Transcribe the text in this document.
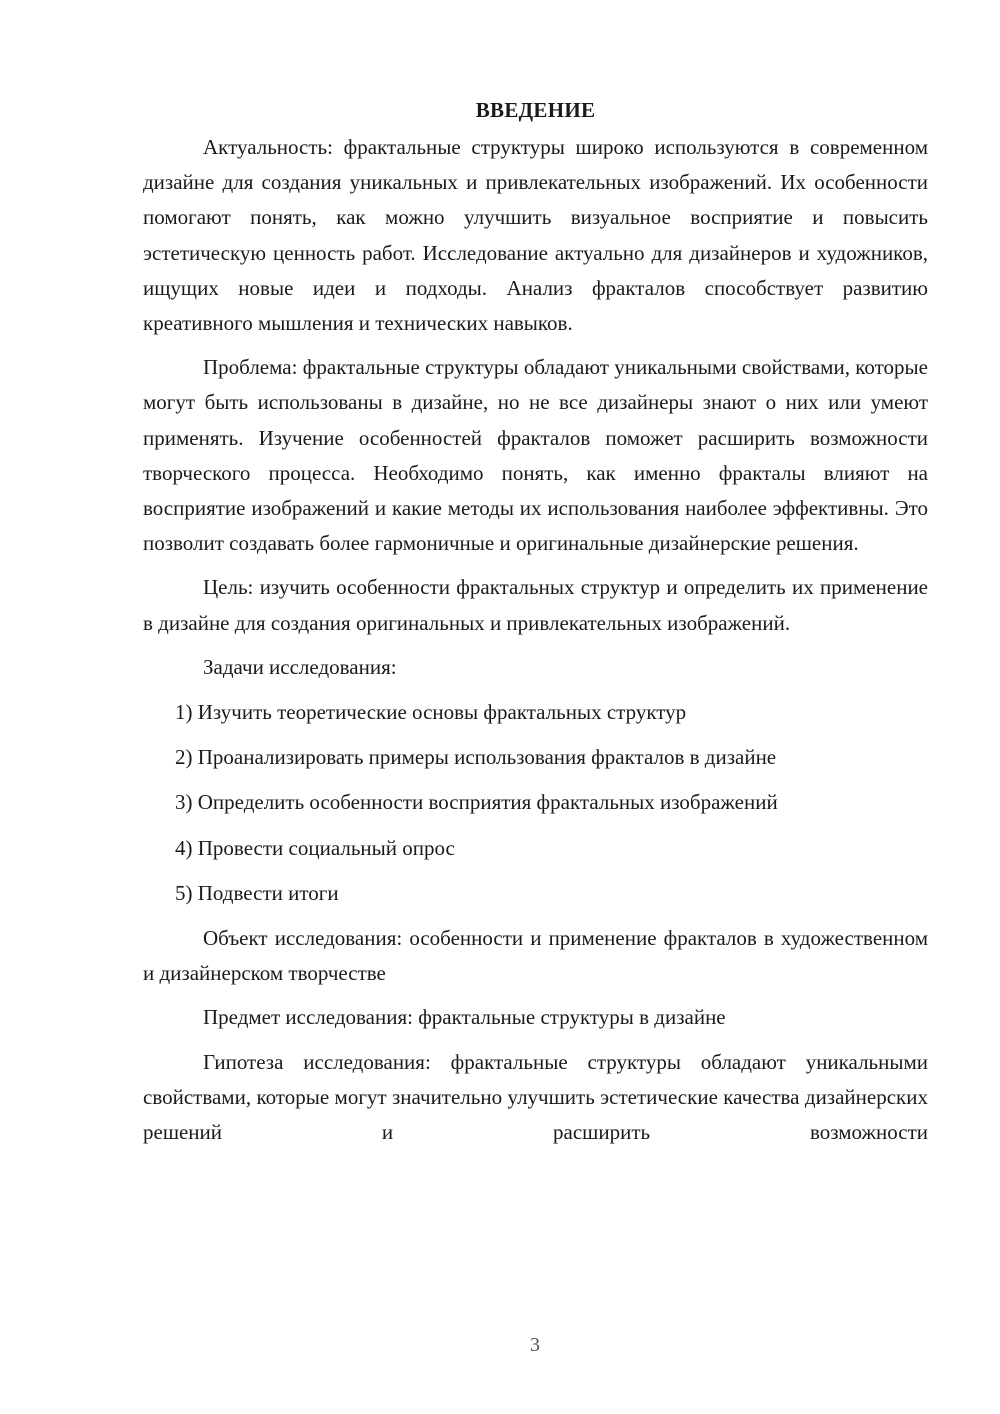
ВВЕДЕНИЕ

Актуальность: фрактальные структуры широко используются в современном дизайне для создания уникальных и привлекательных изображений. Их особенности помогают понять, как можно улучшить визуальное восприятие и повысить эстетическую ценность работ. Исследование актуально для дизайнеров и художников, ищущих новые идеи и подходы. Анализ фракталов способствует развитию креативного мышления и технических навыков.

Проблема: фрактальные структуры обладают уникальными свойствами, которые могут быть использованы в дизайне, но не все дизайнеры знают о них или умеют применять. Изучение особенностей фракталов поможет расширить возможности творческого процесса. Необходимо понять, как именно фракталы влияют на восприятие изображений и какие методы их использования наиболее эффективны. Это позволит создавать более гармоничные и оригинальные дизайнерские решения.

Цель: изучить особенности фрактальных структур и определить их применение в дизайне для создания оригинальных и привлекательных изображений.

Задачи исследования:

1) Изучить теоретические основы фрактальных структур

2) Проанализировать примеры использования фракталов в дизайне

3) Определить особенности восприятия фрактальных изображений

4) Провести социальный опрос

5) Подвести итоги

Объект исследования: особенности и применение фракталов в художественном и дизайнерском творчестве

Предмет исследования: фрактальные структуры в дизайне

Гипотеза исследования: фрактальные структуры обладают уникальными свойствами, которые могут значительно улучшить эстетические качества дизайнерских решений и расширить возможности

3
